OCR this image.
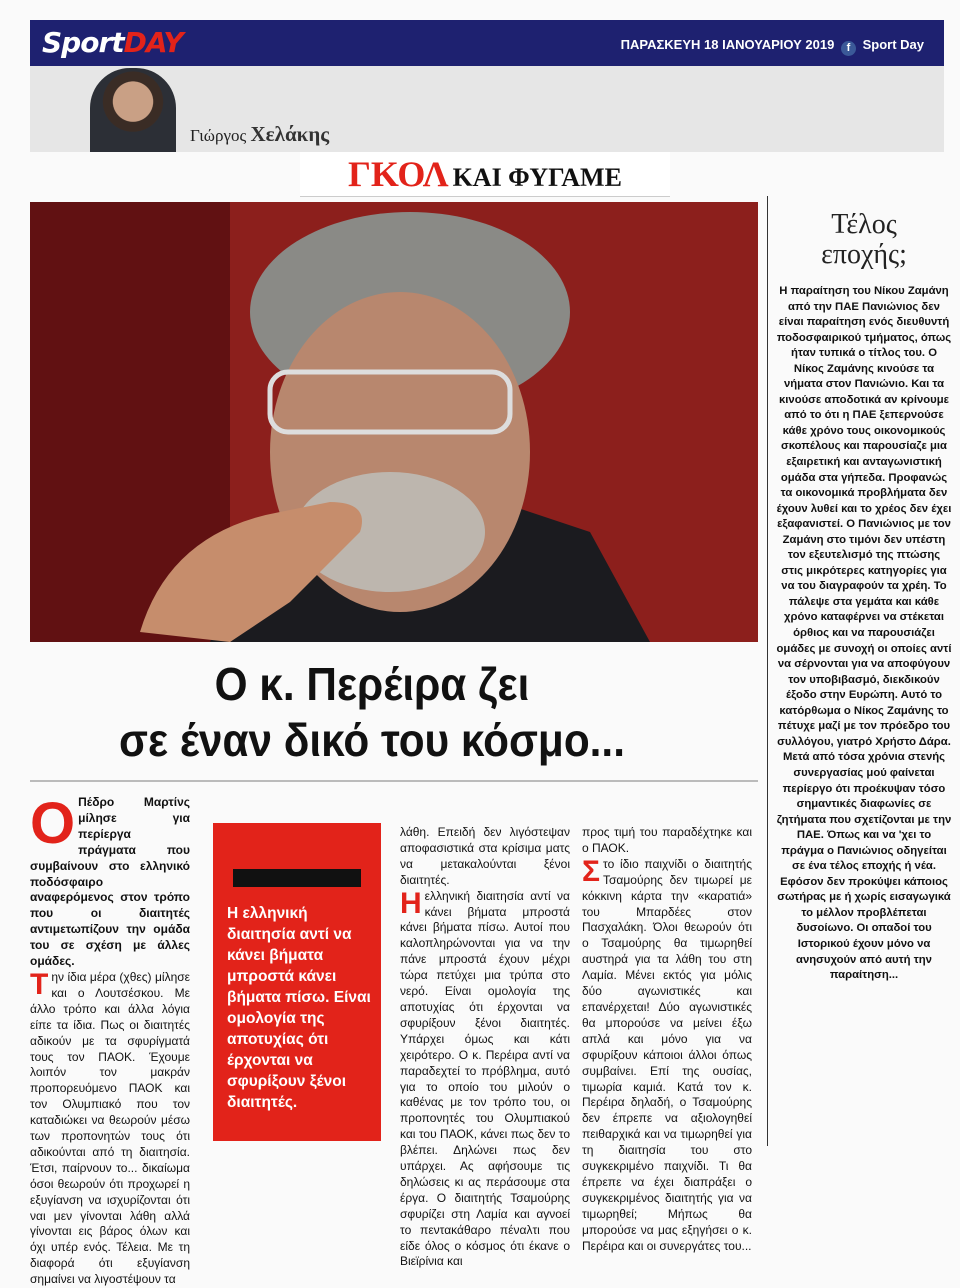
SportDAY	ΠΑΡΑΣΚΕΥΗ 18 ΙΑΝΟΥΑΡΙΟΥ 2019 f Sport Day
Γιώργος Χελάκης
ΓΚΟΛ ΚΑΙ ΦΥΓΑΜΕ
Ο κ. Περέιρα ζει
σε έναν δικό του κόσμο...

Ο Πέδρο Μαρτίνς μίλησε για περίεργα πράγματα που συμβαίνουν στο ελληνικό ποδόσφαιρο αναφερόμενος στον τρόπο που οι διαιτητές αντιμετωπίζουν την ομάδα του σε σχέση με άλλες ομάδες.

Την ίδια μέρα (χθες) μίλησε και ο Λουτσέσκου. Με άλλο τρόπο και άλλα λόγια είπε τα ίδια. Πως οι διαιτητές αδικούν με τα σφυρίγματά τους τον ΠΑΟΚ. Έχουμε λοιπόν τον μακράν προπορευόμενο ΠΑΟΚ και τον Ολυμπιακό που τον καταδιώκει να θεωρούν μέσω των προπονητών τους ότι αδικούνται από τη διαιτησία. Έτσι, παίρνουν το... δικαίωμα όσοι θεωρούν ότι προχωρεί η εξυγίανση να ισχυρίζονται ότι ναι μεν γίνονται λάθη αλλά γίνονται εις βάρος όλων και όχι υπέρ ενός. Τέλεια. Με τη διαφορά ότι εξυγίανση σημαίνει να λιγοστέψουν τα

Η ελληνική διαιτησία αντί να κάνει βήματα μπροστά κάνει βήματα πίσω. Είναι ομολογία της αποτυχίας ότι έρχονται να σφυρίξουν ξένοι διαιτητές.

λάθη. Επειδή δεν λιγόστεψαν αποφασιστικά στα κρίσιμα ματς να μετακαλούνται ξένοι διαιτητές.

Ηελληνική διαιτησία αντί να κάνει βήματα μπροστά κάνει βήματα πίσω. Αυτοί που καλοπληρώνονται για να την πάνε μπροστά έχουν μέχρι τώρα πετύχει μια τρύπα στο νερό. Είναι ομολογία της αποτυχίας ότι έρχονται να σφυρίξουν ξένοι διαιτητές. Υπάρχει όμως και κάτι χειρότερο. Ο κ. Περέιρα αντί να παραδεχτεί το πρόβλημα, αυτό για το οποίο του μιλούν ο καθένας με τον τρόπο του, οι προπονητές του Ολυμπιακού και του ΠΑΟΚ, κάνει πως δεν το βλέπει. Δηλώνει πως δεν υπάρχει. Ας αφήσουμε τις δηλώσεις κι ας περάσουμε στα έργα. Ο διαιτητής Τσαμούρης σφυρίζει στη Λαμία και αγνοεί το πεντακάθαρο πέναλτι που είδε όλος ο κόσμος ότι έκανε ο Βιεϊρίνια και

προς τιμή του παραδέχτηκε και ο ΠΑΟΚ.

Στο ίδιο παιχνίδι ο διαιτητής Τσαμούρης δεν τιμωρεί με κόκκινη κάρτα την «καρατιά» του Μπαρδέες στον Πασχαλάκη. Όλοι θεωρούν ότι ο Τσαμούρης θα τιμωρηθεί αυστηρά για τα λάθη του στη Λαμία. Μένει εκτός για μόλις δύο αγωνιστικές και επανέρχεται! Δύο αγωνιστικές θα μπορούσε να μείνει έξω απλά και μόνο για να σφυρίξουν κάποιοι άλλοι όπως συμβαίνει. Επί της ουσίας, τιμωρία καμιά. Κατά τον κ. Περέιρα δηλαδή, ο Τσαμούρης δεν έπρεπε να αξιολογηθεί πειθαρχικά και να τιμωρηθεί για τη διαιτησία του στο συγκεκριμένο παιχνίδι. Τι θα έπρεπε να έχει διαπράξει ο συγκεκριμένος διαιτητής για να τιμωρηθεί; Μήπως θα μπορούσε να μας εξηγήσει ο κ. Περέιρα και οι συνεργάτες του...

Τέλος
εποχής;
Η παραίτηση του Νίκου Ζαμάνη από την ΠΑΕ Πανιώνιος δεν είναι παραίτηση ενός διευθυντή ποδοσφαιρικού τμήματος, όπως ήταν τυπικά ο τίτλος του. Ο Νίκος Ζαμάνης κινούσε τα νήματα στον Πανιώνιο. Και τα κινούσε αποδοτικά αν κρίνουμε από το ότι η ΠΑΕ ξεπερνούσε κάθε χρόνο τους οικονομικούς σκοπέλους και παρουσίαζε μια εξαιρετική και ανταγωνιστική ομάδα στα γήπεδα. Προφανώς τα οικονομικά προβλήματα δεν έχουν λυθεί και το χρέος δεν έχει εξαφανιστεί. Ο Πανιώνιος με τον Ζαμάνη στο τιμόνι δεν υπέστη τον εξευτελισμό της πτώσης στις μικρότερες κατηγορίες για να του διαγραφούν τα χρέη. Το πάλεψε στα γεμάτα και κάθε χρόνο καταφέρνει να στέκεται όρθιος και να παρουσιάζει ομάδες με συνοχή οι οποίες αντί να σέρνονται για να αποφύγουν τον υποβιβασμό, διεκδικούν έξοδο στην Ευρώπη. Αυτό το κατόρθωμα ο Νίκος Ζαμάνης το πέτυχε μαζί με τον πρόεδρο του συλλόγου, γιατρό Χρήστο Δάρα. Μετά από τόσα χρόνια στενής συνεργασίας μού φαίνεται περίεργο ότι προέκυψαν τόσο σημαντικές διαφωνίες σε ζητήματα που σχετίζονται με την ΠΑΕ. Όπως και να 'χει το πράγμα ο Πανιώνιος οδηγείται σε ένα τέλος εποχής ή νέα. Εφόσον δεν προκύψει κάποιος σωτήρας με ή χωρίς εισαγωγικά το μέλλον προβλέπεται δυσοίωνο. Οι οπαδοί του Ιστορικού έχουν μόνο να ανησυχούν από αυτή την παραίτηση...
